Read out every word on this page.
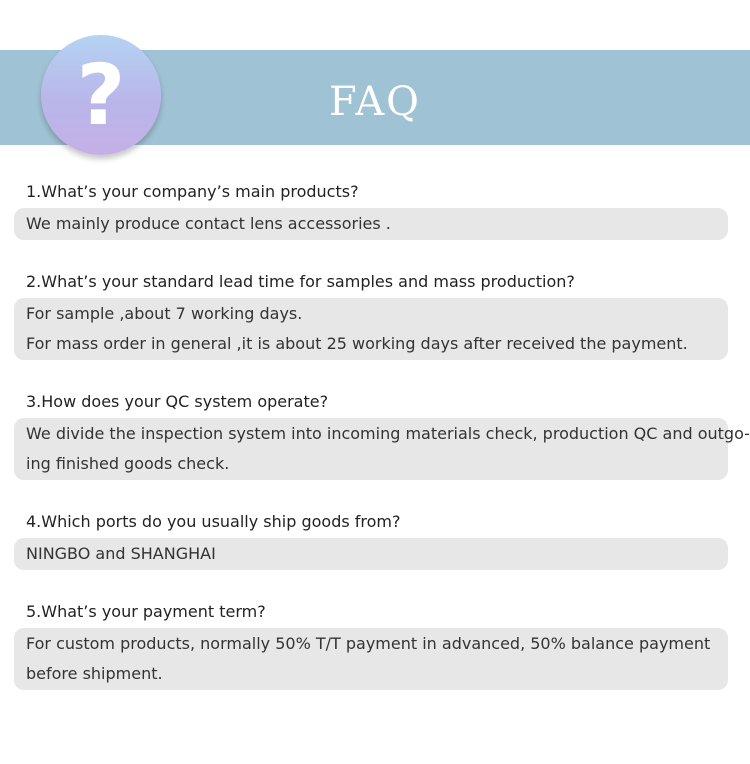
?	FAQ
1.What’s your company’s main products?
We mainly produce contact lens accessories .
2.What’s your standard lead time for samples and mass production?
For sample ,about 7 working days.
For mass order in general ,it is about 25 working days after received the payment.
3.How does your QC system operate?
We divide the inspection system into incoming materials check, production QC and outgo-
ing finished goods check.
4.Which ports do you usually ship goods from?
NINGBO and SHANGHAI
5.What’s your payment term?
For custom products, normally 50% T/T payment in advanced, 50% balance payment
before shipment.
